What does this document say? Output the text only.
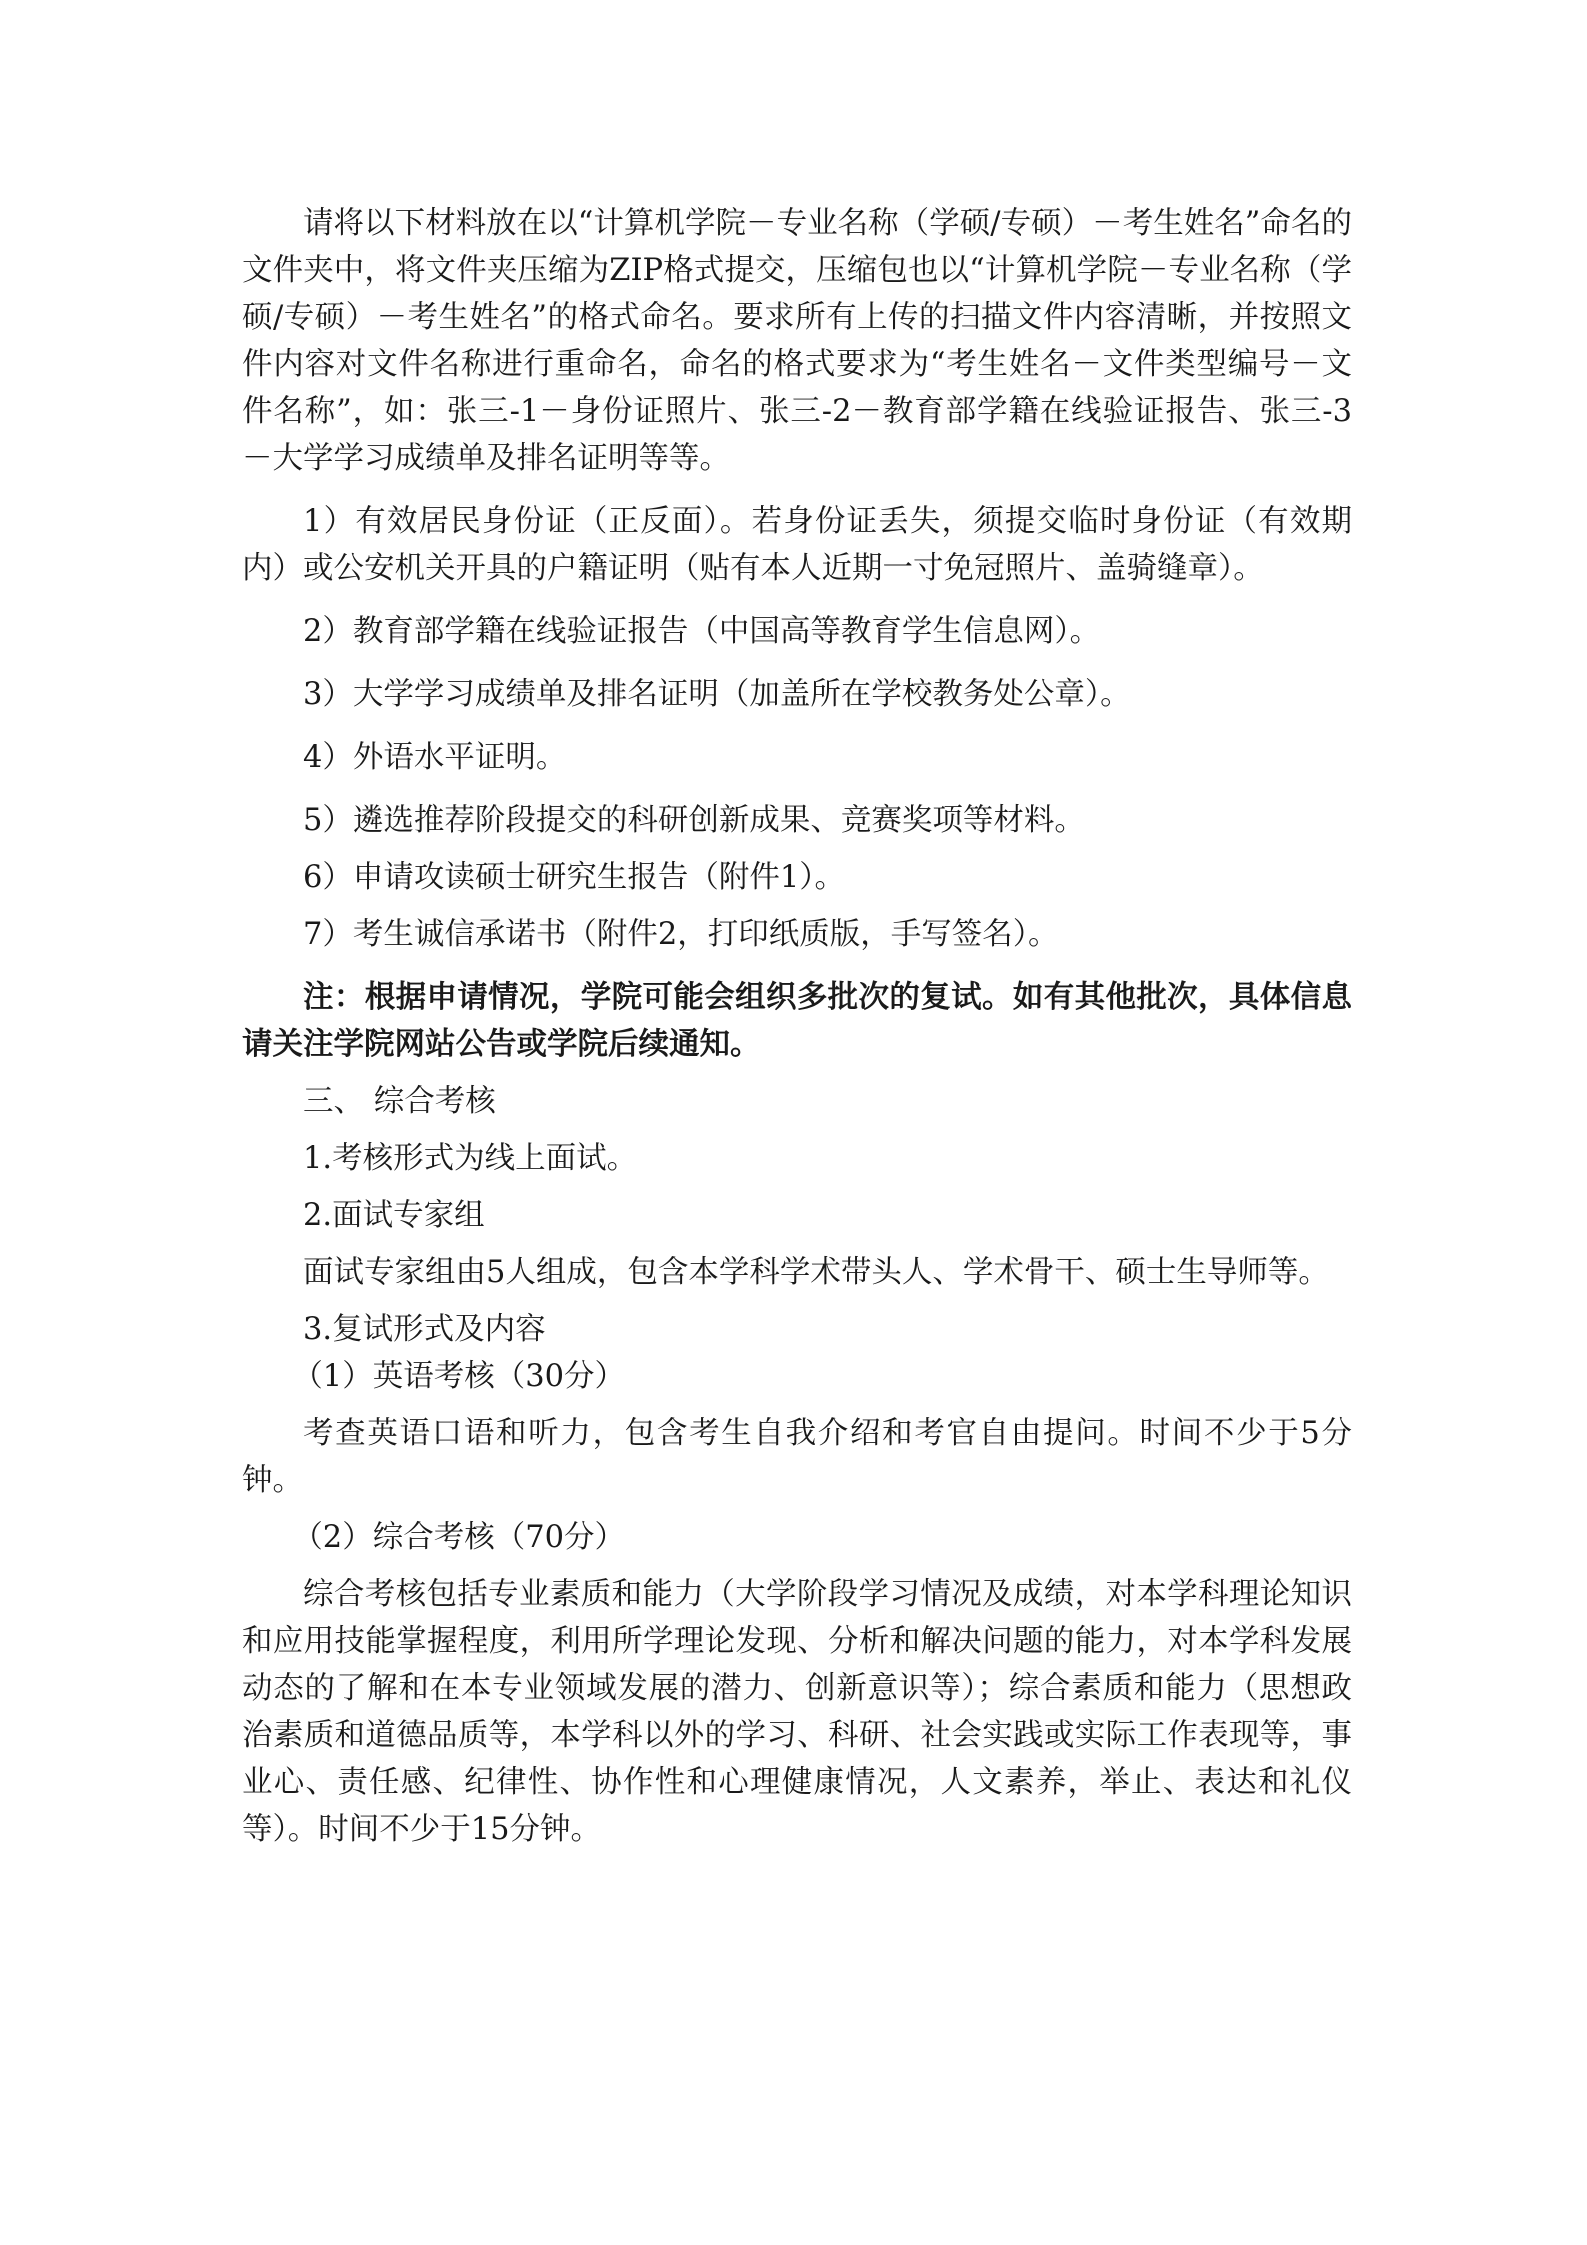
请将以下材料放在以“计算机学院－专业名称（学硕/专硕）－考生姓名”命名的文件夹中，将文件夹压缩为ZIP格式提交，压缩包也以“计算机学院－专业名称（学硕/专硕）－考生姓名”的格式命名。要求所有上传的扫描文件内容清晰，并按照文件内容对文件名称进行重命名，命名的格式要求为“考生姓名－文件类型编号－文件名称”，如：张三-1－身份证照片、张三-2－教育部学籍在线验证报告、张三-3－大学学习成绩单及排名证明等等。

1）有效居民身份证（正反面）。若身份证丢失，须提交临时身份证（有效期内）或公安机关开具的户籍证明（贴有本人近期一寸免冠照片、盖骑缝章）。

2）教育部学籍在线验证报告（中国高等教育学生信息网）。

3）大学学习成绩单及排名证明（加盖所在学校教务处公章）。

4）外语水平证明。

5）遴选推荐阶段提交的科研创新成果、竞赛奖项等材料。

6）申请攻读硕士研究生报告（附件1）。

7）考生诚信承诺书（附件2，打印纸质版，手写签名）。

注：根据申请情况，学院可能会组织多批次的复试。如有其他批次，具体信息请关注学院网站公告或学院后续通知。

三、 综合考核

1.考核形式为线上面试。

2.面试专家组

面试专家组由5人组成，包含本学科学术带头人、学术骨干、硕士生导师等。

3.复试形式及内容

（1）英语考核（30分）

考查英语口语和听力，包含考生自我介绍和考官自由提问。时间不少于5分钟。

（2）综合考核（70分）

综合考核包括专业素质和能力（大学阶段学习情况及成绩，对本学科理论知识和应用技能掌握程度，利用所学理论发现、分析和解决问题的能力，对本学科发展动态的了解和在本专业领域发展的潜力、创新意识等）；综合素质和能力（思想政治素质和道德品质等，本学科以外的学习、科研、社会实践或实际工作表现等，事业心、责任感、纪律性、协作性和心理健康情况，人文素养，举止、表达和礼仪等）。时间不少于15分钟。
